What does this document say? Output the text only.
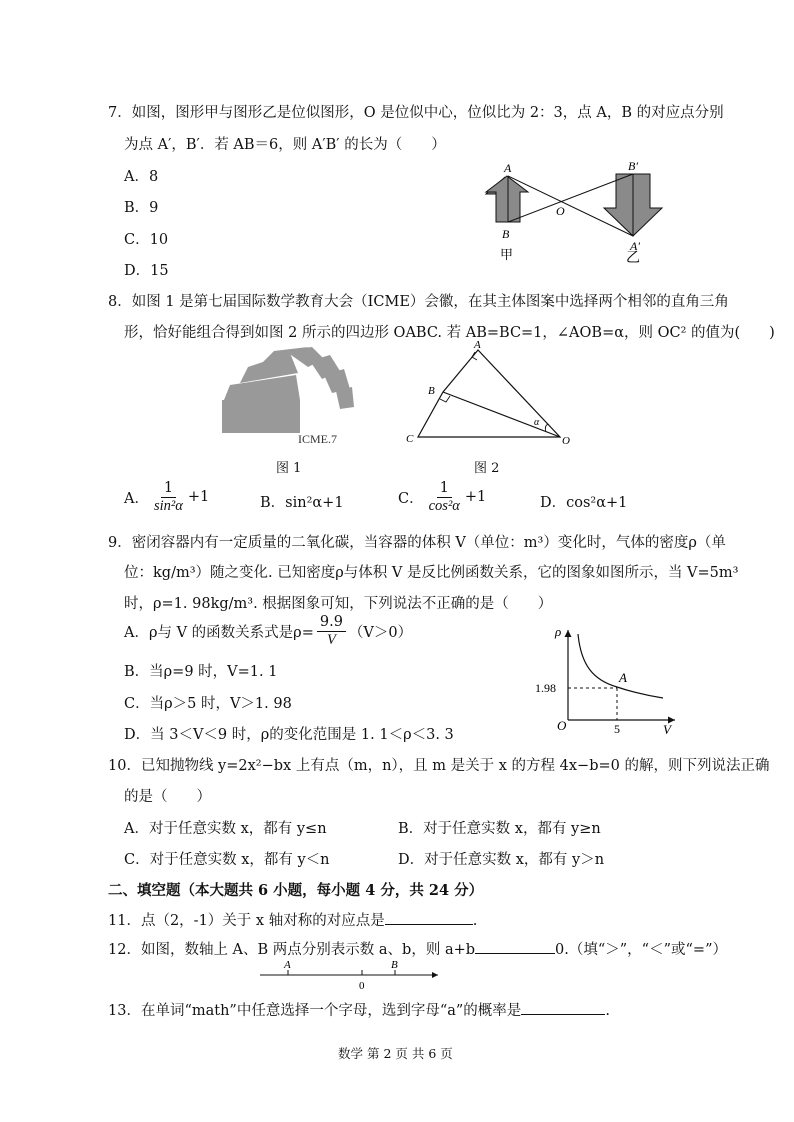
7．如图，图形甲与图形乙是位似图形，O 是位似中心，位似比为 2：3，点 A，B 的对应点分别
为点 A′，B′．若 AB＝6，则 A′B′ 的长为（　　）
A．8
B．9
C．10
D．15
A
B
O
B′
A′
甲	乙
8．如图 1 是第七届国际数学教育大会（ICME）会徽，在其主体图案中选择两个相邻的直角三角
形，恰好能组合得到如图 2 所示的四边形 OABC. 若 AB=BC=1，∠AOB=α，则 OC² 的值为(　　)
ICME.7
图 1
A
B
C	O
α
图 2
A． $\frac{1}{\text{sin²α}} +1$	B．sin²α+1	C． $\frac{1}{\text{cos²α}} +1$	D．cos²α+1
9．密闭容器内有一定质量的二氧化碳，当容器的体积 V（单位：m³）变化时，气体的密度ρ（单
位：kg/m³）随之变化. 已知密度ρ与体积 V 是反比例函数关系，它的图象如图所示，当 V=5m³
时，ρ=1. 98kg/m³. 根据图象可知，下列说法不正确的是（　　）
A．ρ与 V 的函数关系式是$\rho= \frac{9.9}{V} (V>0)$
B．当ρ=9 时，V=1. 1
C．当ρ＞5 时，V＞1. 98
D．当 3＜V＜9 时，ρ的变化范围是 1. 1＜ρ＜3. 3
ρ
V
O
A
1.98
5
10．已知抛物线 y=2x²−bx 上有点（m，n），且 m 是关于 x 的方程 4x−b=0 的解，则下列说法正确
的是（　　）
A．对于任意实数 x，都有 y≤n	B．对于任意实数 x，都有 y≥n
C．对于任意实数 x，都有 y＜n	D．对于任意实数 x，都有 y＞n
二、填空题（本大题共 6 小题，每小题 4 分，共 24 分）
11．点（2，-1）关于 x 轴对称的对应点是	.
12．如图，数轴上 A、B 两点分别表示数 a、b，则 a+b	0.（填“＞”，“＜”或“=”）
A	B
0
13．在单词“math”中任意选择一个字母，选到字母“a”的概率是	.
数学 第 2 页 共 6 页
